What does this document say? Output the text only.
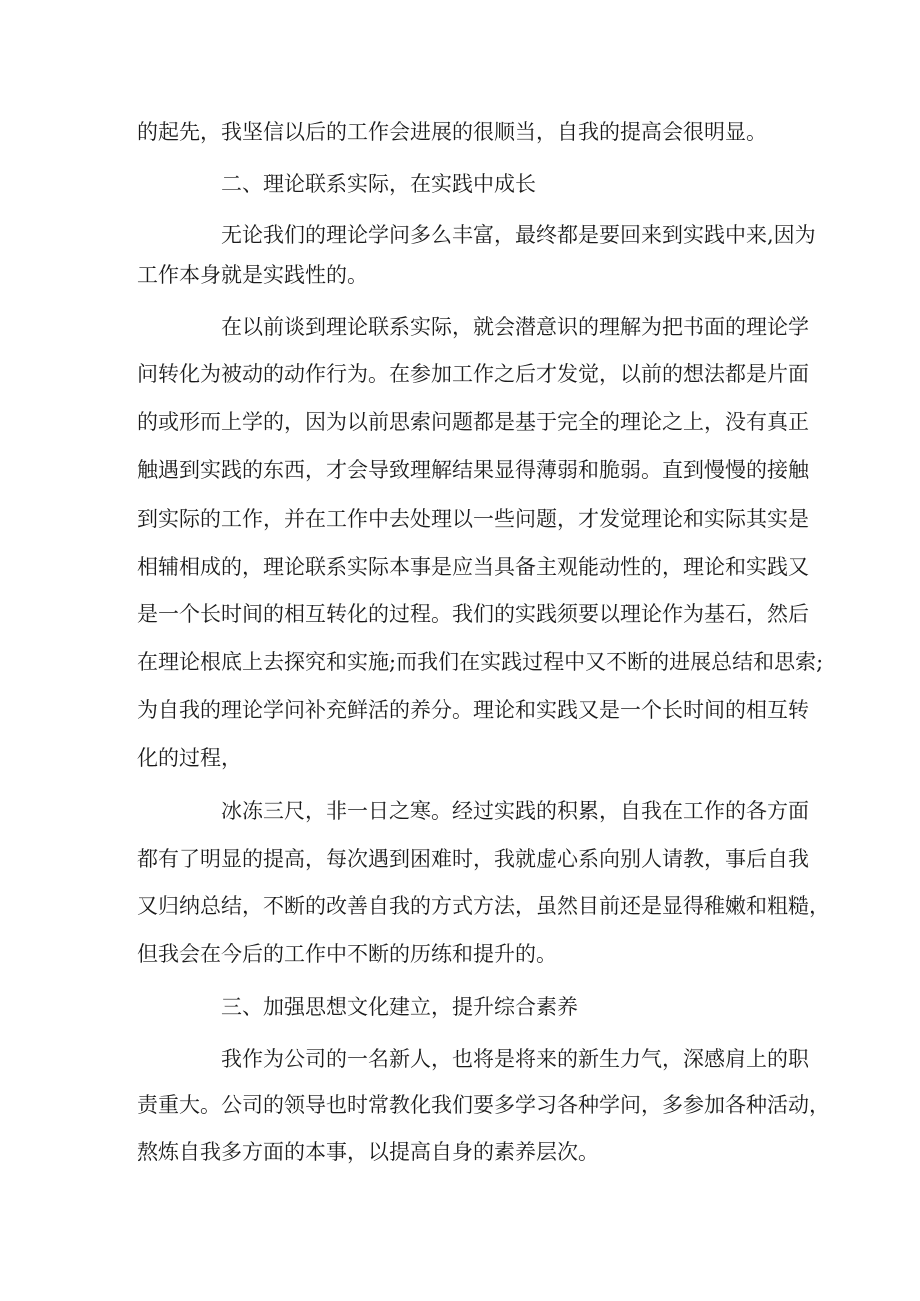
的起先，我坚信以后的工作会进展的很顺当，自我的提高会很明显。
二、理论联系实际，在实践中成长
无论我们的理论学问多么丰富，最终都是要回来到实践中来,因为
工作本身就是实践性的。
在以前谈到理论联系实际，就会潜意识的理解为把书面的理论学
问转化为被动的动作行为。在参加工作之后才发觉，以前的想法都是片面
的或形而上学的，因为以前思索问题都是基于完全的理论之上，没有真正
触遇到实践的东西，才会导致理解结果显得薄弱和脆弱。直到慢慢的接触
到实际的工作，并在工作中去处理以一些问题，才发觉理论和实际其实是
相辅相成的，理论联系实际本事是应当具备主观能动性的，理论和实践又
是一个长时间的相互转化的过程。我们的实践须要以理论作为基石，然后
在理论根底上去探究和实施;而我们在实践过程中又不断的进展总结和思索;
为自我的理论学问补充鲜活的养分。理论和实践又是一个长时间的相互转
化的过程，
冰冻三尺，非一日之寒。经过实践的积累，自我在工作的各方面
都有了明显的提高，每次遇到困难时，我就虚心系向别人请教，事后自我
又归纳总结，不断的改善自我的方式方法，虽然目前还是显得稚嫩和粗糙，
但我会在今后的工作中不断的历练和提升的。
三、加强思想文化建立，提升综合素养
我作为公司的一名新人，也将是将来的新生力气，深感肩上的职
责重大。公司的领导也时常教化我们要多学习各种学问，多参加各种活动，
熬炼自我多方面的本事，以提高自身的素养层次。
